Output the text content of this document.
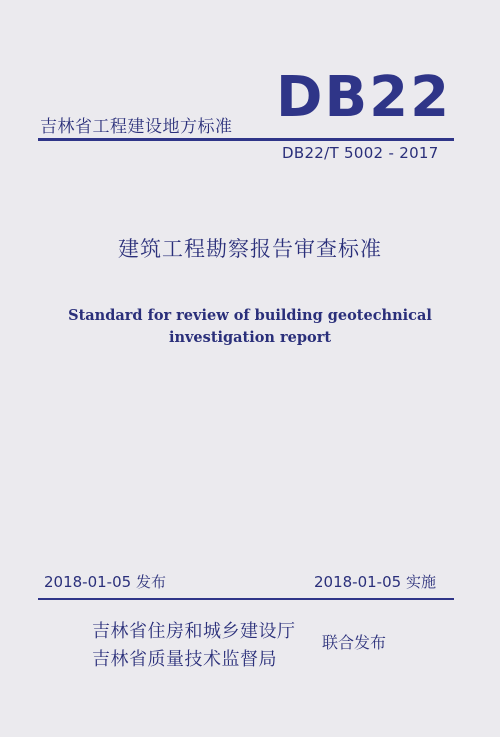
吉林省工程建设地方标准 DB22
DB22/T 5002 - 2017
建筑工程勘察报告审查标准
Standard for review of building geotechnical
investigation report
2018-01-05 发布	2018-01-05 实施
吉林省住房和城乡建设厅
吉林省质量技术监督局
联合发布
